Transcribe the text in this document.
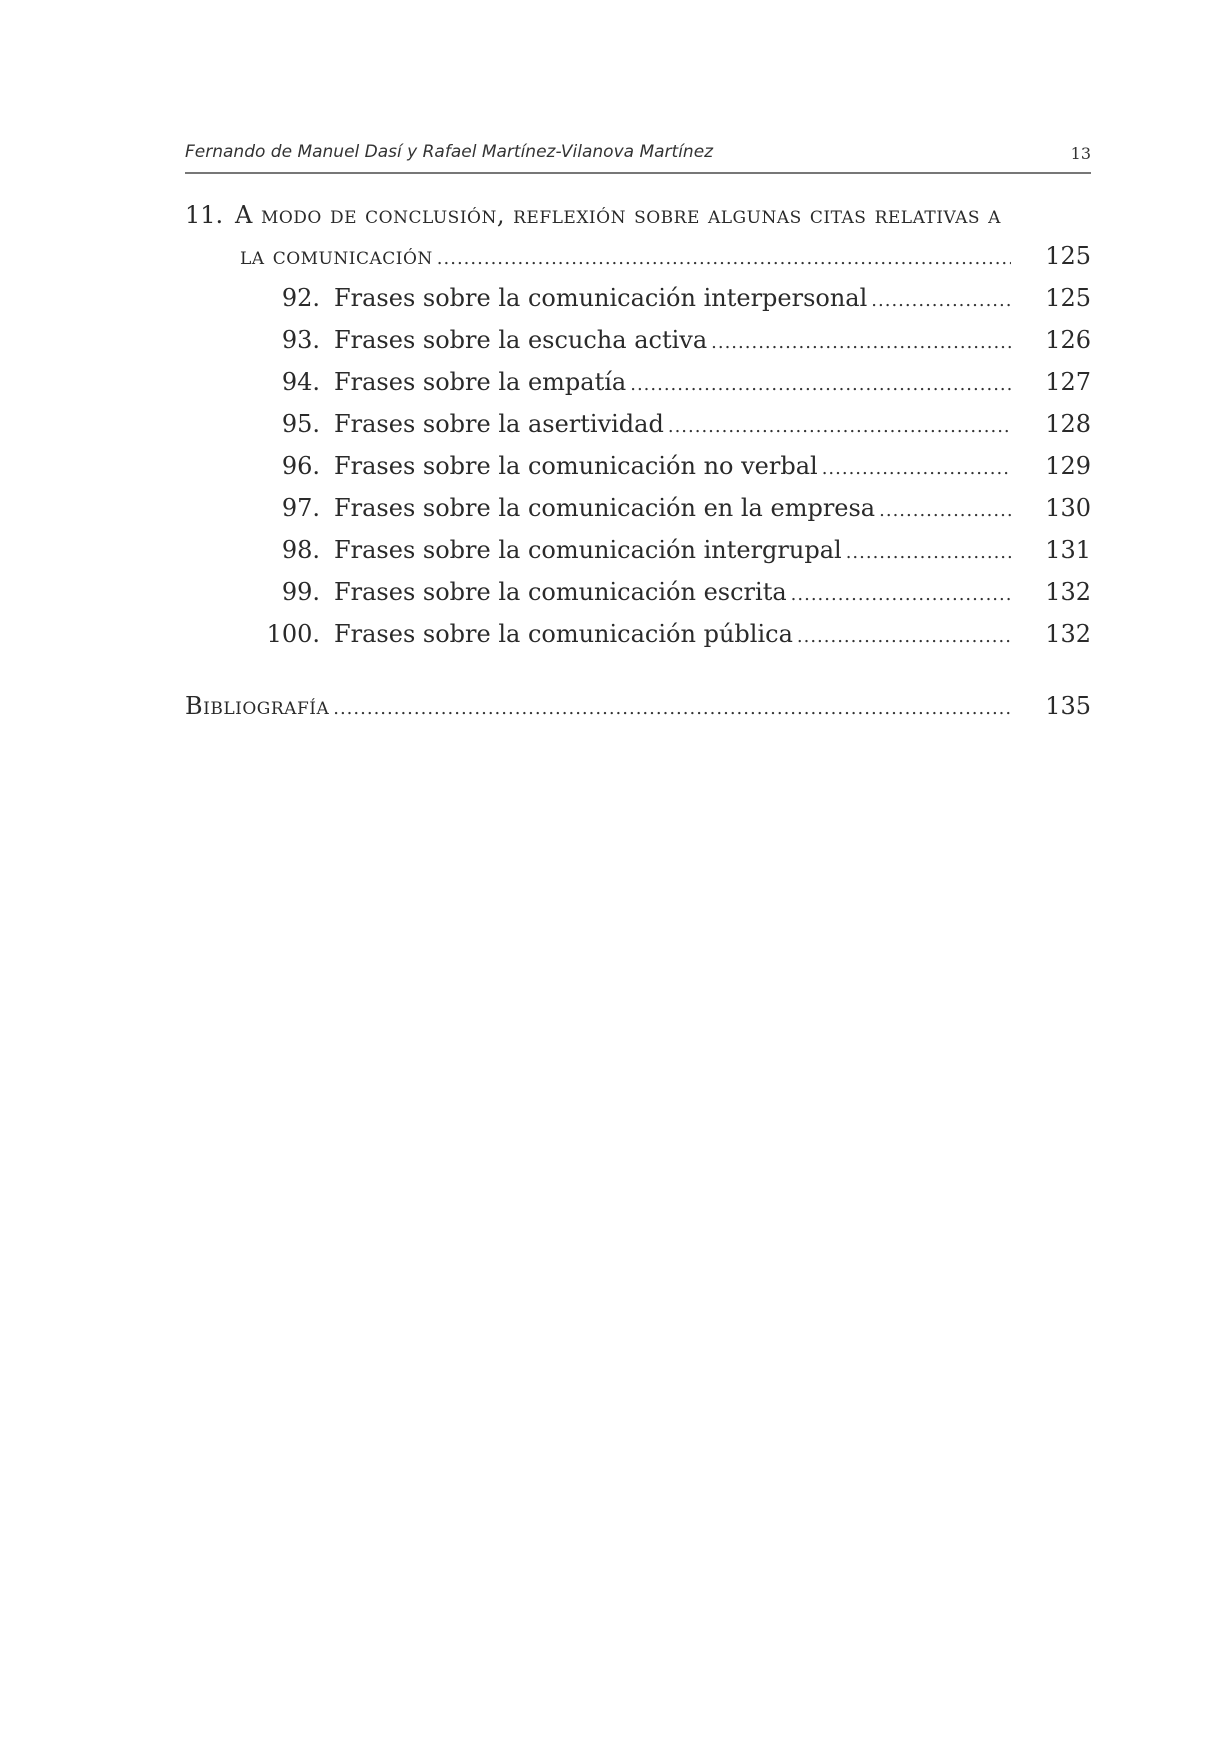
Fernando de Manuel Dasí y Rafael Martínez-Vilanova Martínez	13
11. A modo de conclusión, reflexión sobre algunas citas relativas a
la comunicación .....	125
92. Frases sobre la comunicación interpersonal .....	125
93. Frases sobre la escucha activa .....	126
94. Frases sobre la empatía .....	127
95. Frases sobre la asertividad .....	128
96. Frases sobre la comunicación no verbal .....	129
97. Frases sobre la comunicación en la empresa .....	130
98. Frases sobre la comunicación intergrupal .....	131
99. Frases sobre la comunicación escrita .....	132
100. Frases sobre la comunicación pública .....	132
Bibliografía .....	135
